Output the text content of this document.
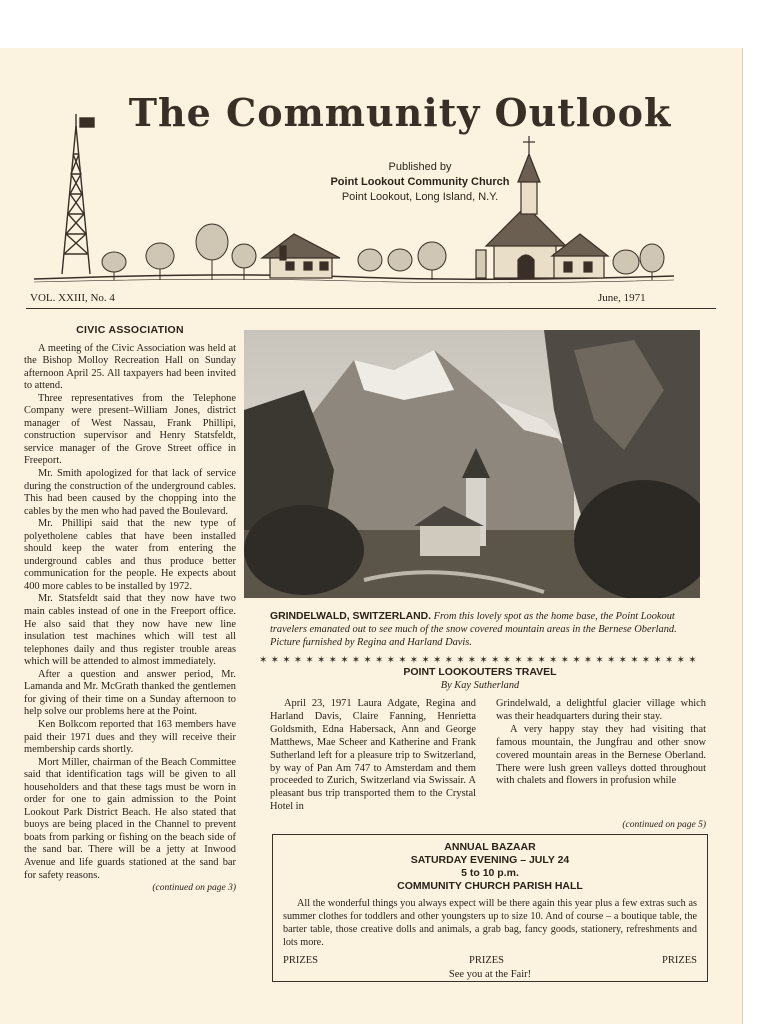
The Community Outlook
Published by
Point Lookout Community Church
Point Lookout, Long Island, N.Y.
VOL. XXIII, No. 4	June, 1971
CIVIC ASSOCIATION

A meeting of the Civic Association was held at the Bishop Molloy Recreation Hall on Sunday afternoon April 25. All taxpayers had been invited to attend.

Three representatives from the Telephone Company were present–William Jones, district manager of West Nassau, Frank Phillipi, construction supervisor and Henry Statsfeldt, service manager of the Grove Street office in Freeport.

Mr. Smith apologized for that lack of service during the construction of the underground cables. This had been caused by the chopping into the cables by the men who had paved the Boulevard.

Mr. Phillipi said that the new type of polyetholene cables that have been installed should keep the water from entering the underground cables and thus produce better communication for the people. He expects about 400 more cables to be installed by 1972.

Mr. Statsfeldt said that they now have two main cables instead of one in the Freeport office. He also said that they now have new line insulation test machines which will test all telephones daily and thus register trouble areas which will be attended to almost immediately.

After a question and answer period, Mr. Lamanda and Mr. McGrath thanked the gentlemen for giving of their time on a Sunday afternoon to help solve our problems here at the Point.

Ken Bolkcom reported that 163 members have paid their 1971 dues and they will receive their membership cards shortly.

Mort Miller, chairman of the Beach Committee said that identification tags will be given to all householders and that these tags must be worn in order for one to gain admission to the Point Lookout Park District Beach. He also stated that buoys are being placed in the Channel to prevent boats from parking or fishing on the beach side of the sand bar. There will be a jetty at Inwood Avenue and life guards stationed at the sand bar for safety reasons.

(continued on page 3)
GRINDELWALD, SWITZERLAND. From this lovely spot as the home base, the Point Lookout travelers emanated out to see much of the snow covered mountain areas in the Bernese Oberland. Picture furnished by Regina and Harland Davis.
✶ ✶ ✶ ✶ ✶ ✶ ✶ ✶ ✶ ✶ ✶ ✶ ✶ ✶ ✶ ✶ ✶ ✶ ✶ ✶ ✶ ✶ ✶ ✶ ✶ ✶ ✶ ✶ ✶ ✶ ✶ ✶ ✶ ✶ ✶ ✶ ✶ ✶
POINT LOOKOUTERS TRAVEL
By Kay Sutherland

April 23, 1971 Laura Adgate, Regina and Harland Davis, Claire Fanning, Henrietta Goldsmith, Edna Habersack, Ann and George Matthews, Mae Scheer and Katherine and Frank Sutherland left for a pleasure trip to Switzerland, by way of Pan Am 747 to Amsterdam and them proceeded to Zurich, Switzerland via Swissair. A pleasant bus trip transported them to the Crystal Hotel in

Grindelwald, a delightful glacier village which was their headquarters during their stay.

A very happy stay they had visiting that famous mountain, the Jungfrau and other snow covered mountain areas in the Bernese Oberland. There were lush green valleys dotted throughout with chalets and flowers in profusion while

(continued on page 5)
ANNUAL BAZAAR
SATURDAY EVENING – JULY 24
5 to 10 p.m.
COMMUNITY CHURCH PARISH HALL

All the wonderful things you always expect will be there again this year plus a few extras such as summer clothes for toddlers and other youngsters up to size 10. And of course – a boutique table, the barter table, those creative dolls and animals, a grab bag, fancy goods, stationery, refreshments and lots more.

PRIZES	PRIZES	PRIZES
See you at the Fair!
